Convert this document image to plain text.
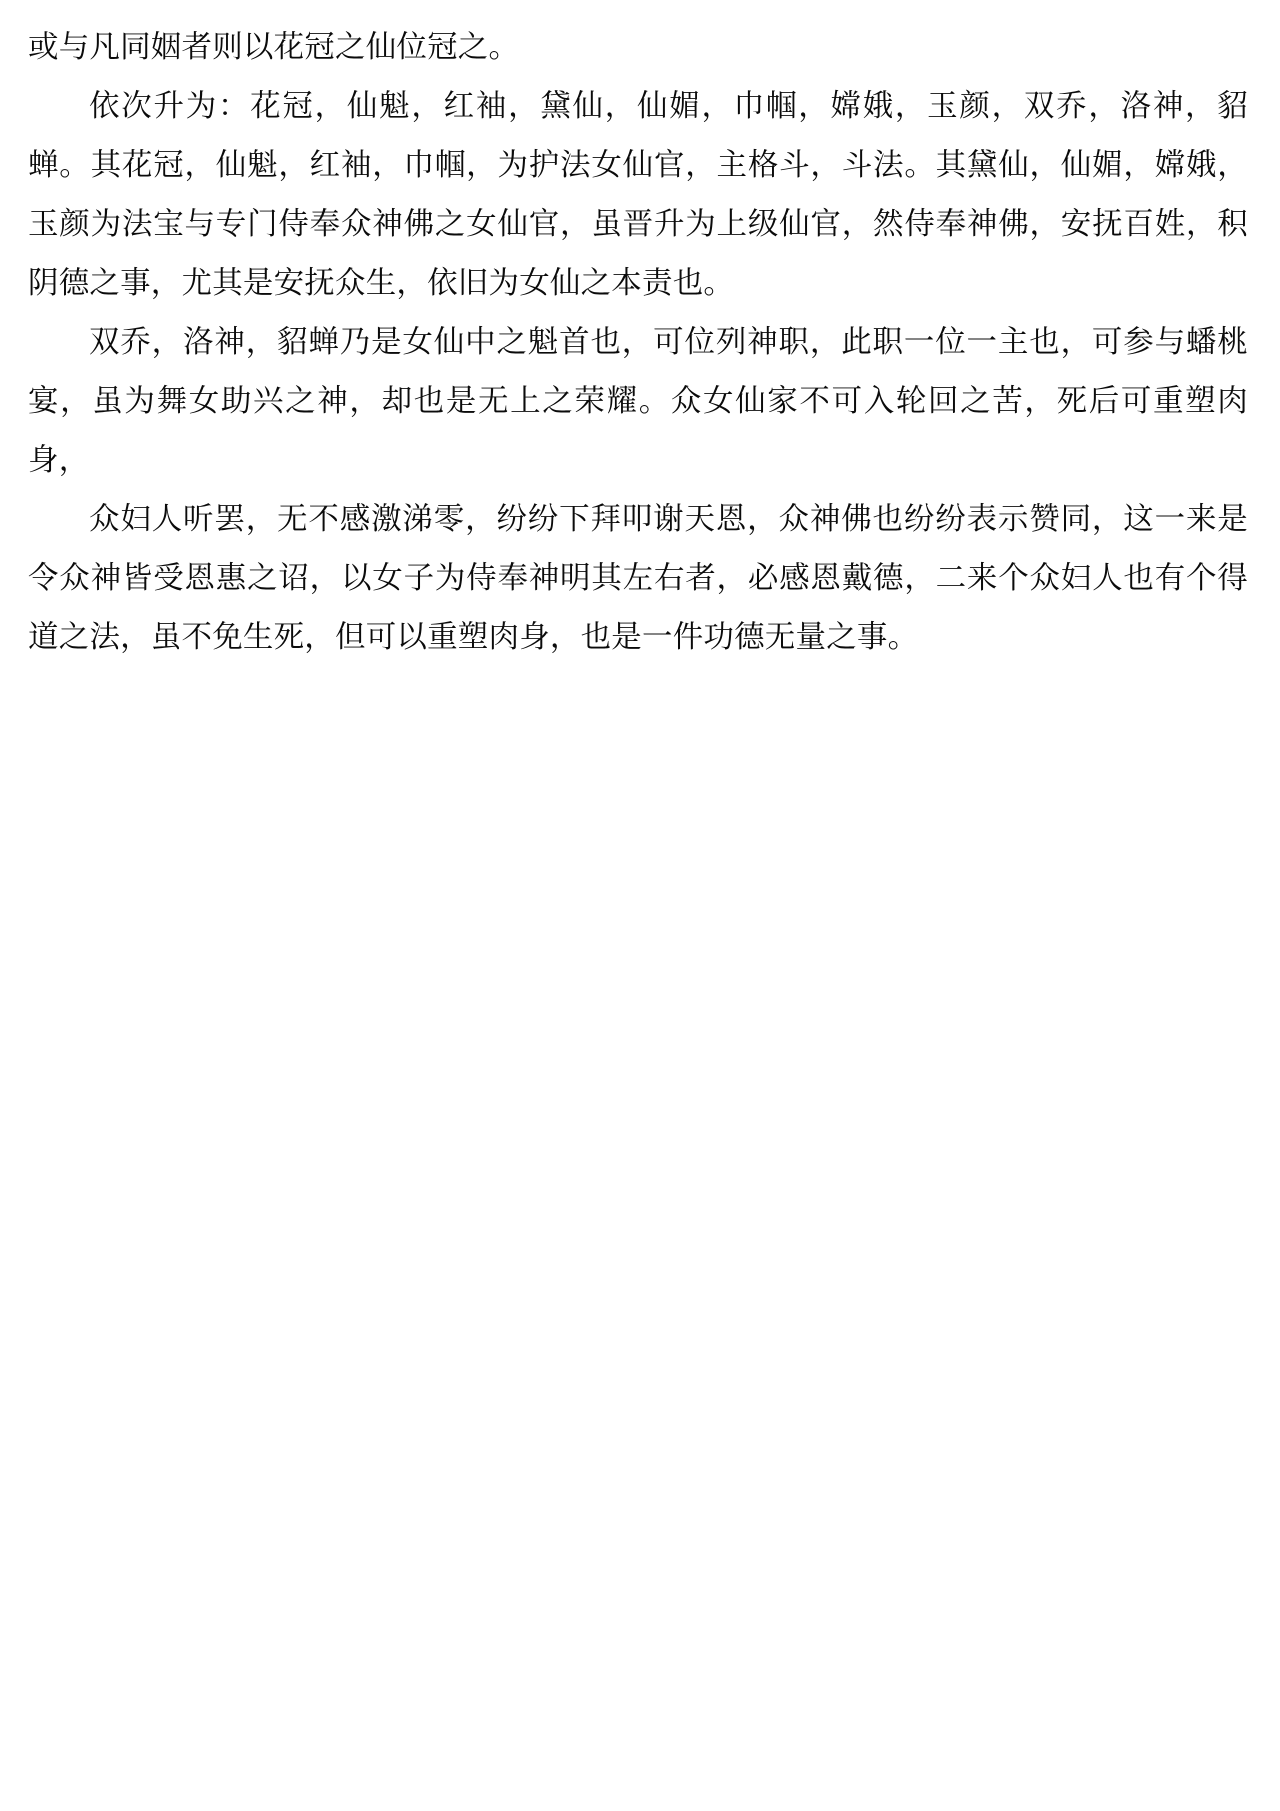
或与凡同姻者则以花冠之仙位冠之。

依次升为：花冠，仙魁，红袖，黛仙，仙媚，巾帼，嫦娥，玉颜，双乔，洛神，貂蝉。其花冠，仙魁，红袖，巾帼，为护法女仙官，主格斗，斗法。其黛仙，仙媚，嫦娥，玉颜为法宝与专门侍奉众神佛之女仙官，虽晋升为上级仙官，然侍奉神佛，安抚百姓，积阴德之事，尤其是安抚众生，依旧为女仙之本责也。

双乔，洛神，貂蝉乃是女仙中之魁首也，可位列神职，此职一位一主也，可参与蟠桃宴，虽为舞女助兴之神，却也是无上之荣耀。众女仙家不可入轮回之苦，死后可重塑肉身，

众妇人听罢，无不感激涕零，纷纷下拜叩谢天恩，众神佛也纷纷表示赞同，这一来是令众神皆受恩惠之诏，以女子为侍奉神明其左右者，必感恩戴德，二来个众妇人也有个得道之法，虽不免生死，但可以重塑肉身，也是一件功德无量之事。
